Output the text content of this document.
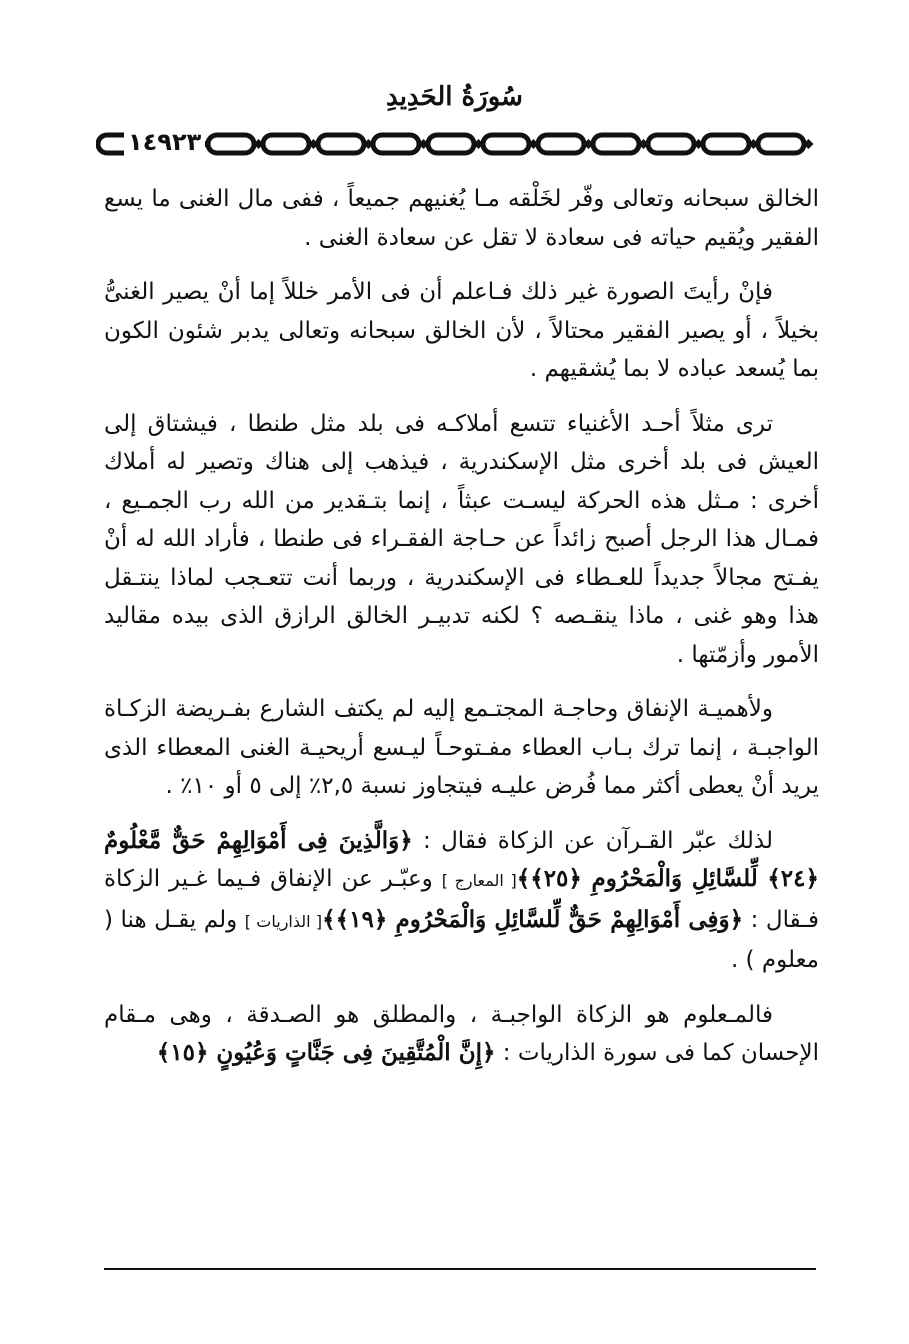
سُورَةُ الحَدِيدِ
١٤٩٢٣

الخالق سبحانه وتعالى وفّر لخَلْقه مـا يُغنيهم جميعاً ، ففى مال الغنى ما يسع الفقير ويُقيم حياته فى سعادة لا تقل عن سعادة الغنى .

فإنْ رأيتَ الصورة غير ذلك فـاعلم أن فى الأمر خللاً إما أنْ يصير الغنىُّ بخيلاً ، أو يصير الفقير محتالاً ، لأن الخالق سبحانه وتعالى يدبر شئون الكون بما يُسعد عباده لا بما يُشقيهم .

ترى مثلاً أحـد الأغنياء تتسع أملاكـه فى بلد مثل طنطا ، فيشتاق إلى العيش فى بلد أخرى مثل الإسكندرية ، فيذهب إلى هناك وتصير له أملاك أخرى : مـثل هذه الحركة ليسـت عبثاً ، إنما بتـقدير من الله رب الجمـيع ، فمـال هذا الرجل أصبح زائداً عن حـاجة الفقـراء فى طنطا ، فأراد الله له أنْ يفـتح مجالاً جديداً للعـطاء فى الإسكندرية ، وربما أنت تتعـجب لماذا ينتـقل هذا وهو غنى ، ماذا ينقـصه ؟ لكنه تدبيـر الخالق الرازق الذى بيده مقاليد الأمور وأزمّتها .

ولأهميـة الإنفاق وحاجـة المجتـمع إليه لم يكتف الشارع بفـريضة الزكـاة الواجبـة ، إنما ترك بـاب العطاء مفـتوحـاً ليـسع أريحيـة الغنى المعطاء الذى يريد أنْ يعطى أكثر مما فُرض عليـه فيتجاوز نسبة ٢,٥٪ إلى ٥ أو ١٠٪ .

لذلك عبّر القـرآن عن الزكاة فقال : ﴿وَالَّذِينَ فِى أَمْوَالِهِمْ حَقٌّ مَّعْلُومٌ ﴿٢٤﴾ لِّلسَّائِلِ وَالْمَحْرُومِ ﴿٢٥﴾﴾[ المعارج ] وعبّـر عن الإنفاق فـيما غـير الزكاة فـقال : ﴿وَفِى أَمْوَالِهِمْ حَقٌّ لِّلسَّائِلِ وَالْمَحْرُومِ ﴿١٩﴾﴾[ الذاريات ] ولم يقـل هنا ( معلوم ) .

فالمـعلوم هو الزكاة الواجبـة ، والمطلق هو الصـدقة ، وهى مـقام الإحسان كما فى سورة الذاريات : ﴿إِنَّ الْمُتَّقِينَ فِى جَنَّاتٍ وَعُيُونٍ ﴿١٥﴾
